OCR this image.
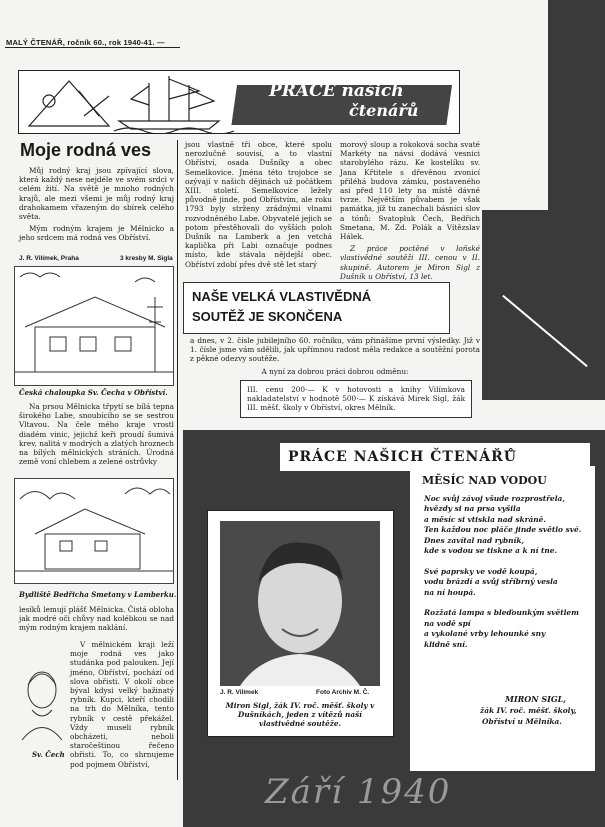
MALÝ ČTENÁŘ, ročník 60., rok 1940-41. —
PRÁCE našich
čtenářů
Moje rodná ves

Můj rodný kraj jsou zpívající slova, která každý nese nejdéle ve svém srdci v celém žití. Na světě je mnoho rodných krajů, ale mezi všemi je můj rodný kraj drahokamem vřazeným do sbírek celého světa.

Mým rodným krajem je Mělnicko a jeho srdcem má rodná ves Obříství.

J. R. Vilímek, Praha	3 kresby M. Sigla
Česká chaloupka Sv. Čecha v Obříství.

Na prsou Mělnicka třpytí se bílá tepna širokého Labe, snoubícího se se sestrou Vltavou. Na čele mého kraje vrostl diadém vinic, jejichž keři proudí šumivá krev, nalitá v modrých a zlatých hroznech na bílých mělnických stráních. Úrodná země voní chlebem a zelené ostrůvky

Bydliště Bedřicha Smetany v Lamberku.

lesíků lemují plášť Mělnicka. Čistá obloha jak modré oči chůvy nad kolébkou se nad mým rodným krajem naklání.

V mělnickém kraji leží moje rodná ves jako studánka pod palouken. Její jméno, Obříství, pochází od slova obřisti. V okolí obce býval kdysi velký bažinatý rybník. Kupci, kteří chodili na trh do Mělníka, tento rybník v cestě překážel. Vždy museli rybník obcházeti, neboli staročeštinou řečeno obřisti. To, co shrnujeme pod pojmem Obříství,

Sv. Čech

jsou vlastně tři obce, které spolu nerozlučně souvisí, a to vlastní Obříství, osada Dušníky a obec Semelkovice. Jména této trojobce se ozývají v našich dějinách už počátkem XIII. století. Semelkovice ležely původně jinde, pod Obřístvím, ale roku 1793 byly strženy zrádnými vlnami rozvodněného Labe. Obyvatelé jejich se potom přestěhovali do vyšších poloh Dušník na Lamberk a jen vetchá kaplička při Labi označuje podnes místo, kde stávala nějdejší obec. Obříství zdobí přes dvě stě let starý

morový sloup a rokoková socha svaté Markéty na návsi dodává vesnici starobylého rázu. Ke kostelíku sv. Jana Křtitele s dřevěnou zvonicí přiléhá budova zámku, postaveného asi před 110 lety na místě dávné tvrze. Největším půvabem je však památka, jíž tu zanechali básníci slov a tónů: Svatopluk Čech, Bedřich Smetana, M. Zd. Polák a Vítězslav Hálek.

Z práce poctěné v loňské vlastivědné soutěži III. cenou v II. skupině. Autorem je Miron Sigl z Dušník u Obříství, 13 let.

NAŠE VELKÁ VLASTIVĚDNÁ
SOUTĚŽ JE SKONČENA

a dnes, v 2. čísle jubilejního 60. ročníku, vám přinášíme první výsledky. Již v 1. čísle jsme vám sdělili, jak upřímnou radost měla redakce a soutěžní porota z pěkné odezvy soutěže.

A nyní za dobrou práci dobrou odměnu:

III. cenu 200·— K v hotovosti a knihy Vilímkova nakladatelství v hodnotě 500·— K získává Mirek Sigl, žák III. měšť. školy v Obříství, okres Mělník.
PRÁCE NAŠICH ČTENÁŘŮ
MĚSÍC NAD VODOU
Noc svůj závoj všude rozprostřela,
hvězdy si na prsa vyšila
a měsíc si vtiskla nad skráně.
Ten každou noc pláče jinde světlo své.
Dnes zavítal nad rybník,
kde s vodou se tiskne a k ní tne.

Své paprsky ve vodě koupá,
vodu brázdí a svůj stříbrný vesla
na ní houpá.

Rozžatá lampa s bleďounkým světlem
na vodě spí
a vykolané vrby lehounké sny
klidně sní.
MIRON SIGL,
žák IV. roč. měšť. školy,
Obříství u Mělníka.
J. R. Vilímek	Foto Archiv M. Č.
Miron Sigl, žák IV. roč. měšť. školy v Dušníkách, jeden z vítězů naší vlastivědné soutěže.
Září 1940
